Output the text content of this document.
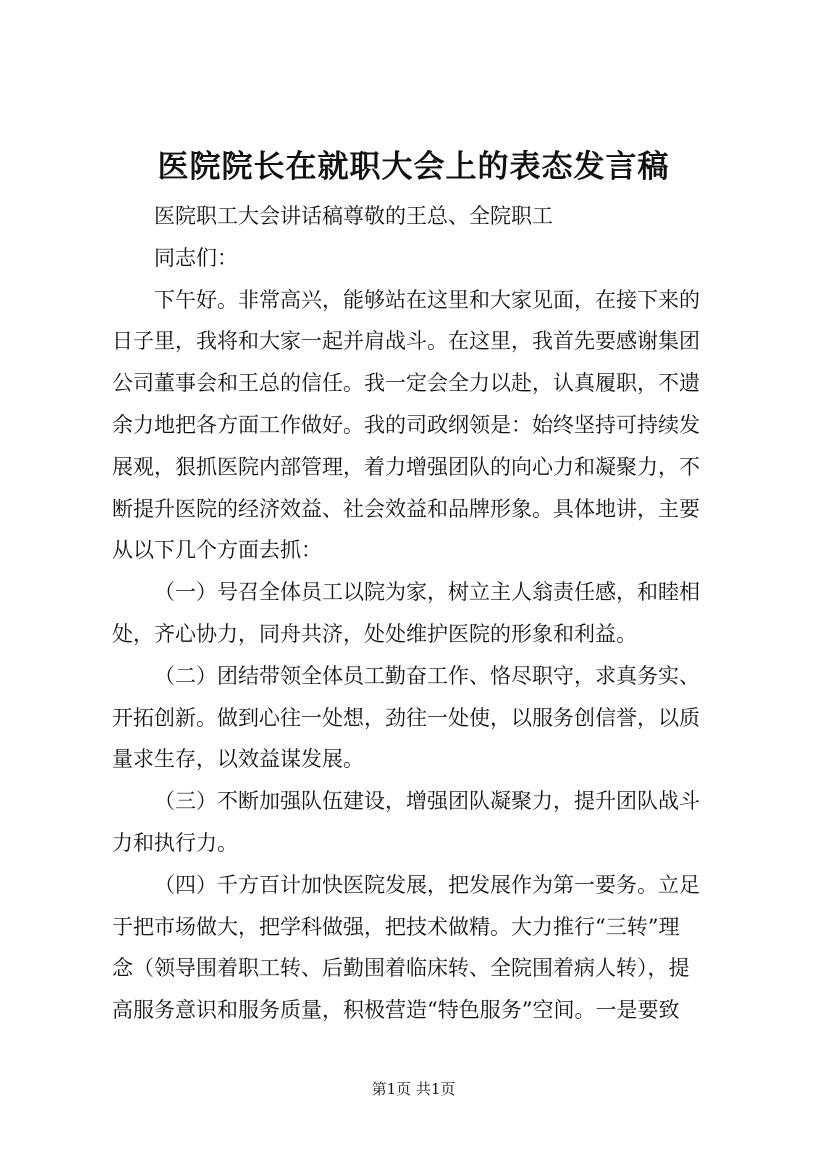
医院院长在就职大会上的表态发言稿

医院职工大会讲话稿尊敬的王总、全院职工

同志们：

下午好。非常高兴，能够站在这里和大家见面，在接下来的
日子里，我将和大家一起并肩战斗。在这里，我首先要感谢集团
公司董事会和王总的信任。我一定会全力以赴，认真履职，不遗
余力地把各方面工作做好。我的司政纲领是：始终坚持可持续发
展观，狠抓医院内部管理，着力增强团队的向心力和凝聚力，不
断提升医院的经济效益、社会效益和品牌形象。具体地讲，主要
从以下几个方面去抓：

（一）号召全体员工以院为家，树立主人翁责任感，和睦相
处，齐心协力，同舟共济，处处维护医院的形象和利益。

（二）团结带领全体员工勤奋工作、恪尽职守，求真务实、
开拓创新。做到心往一处想，劲往一处使，以服务创信誉，以质
量求生存，以效益谋发展。

（三）不断加强队伍建设，增强团队凝聚力，提升团队战斗
力和执行力。

（四）千方百计加快医院发展，把发展作为第一要务。立足
于把市场做大，把学科做强，把技术做精。大力推行“三转”理
念（领导围着职工转、后勤围着临床转、全院围着病人转），提
高服务意识和服务质量，积极营造“特色服务”空间。一是要致

第1页 共1页
